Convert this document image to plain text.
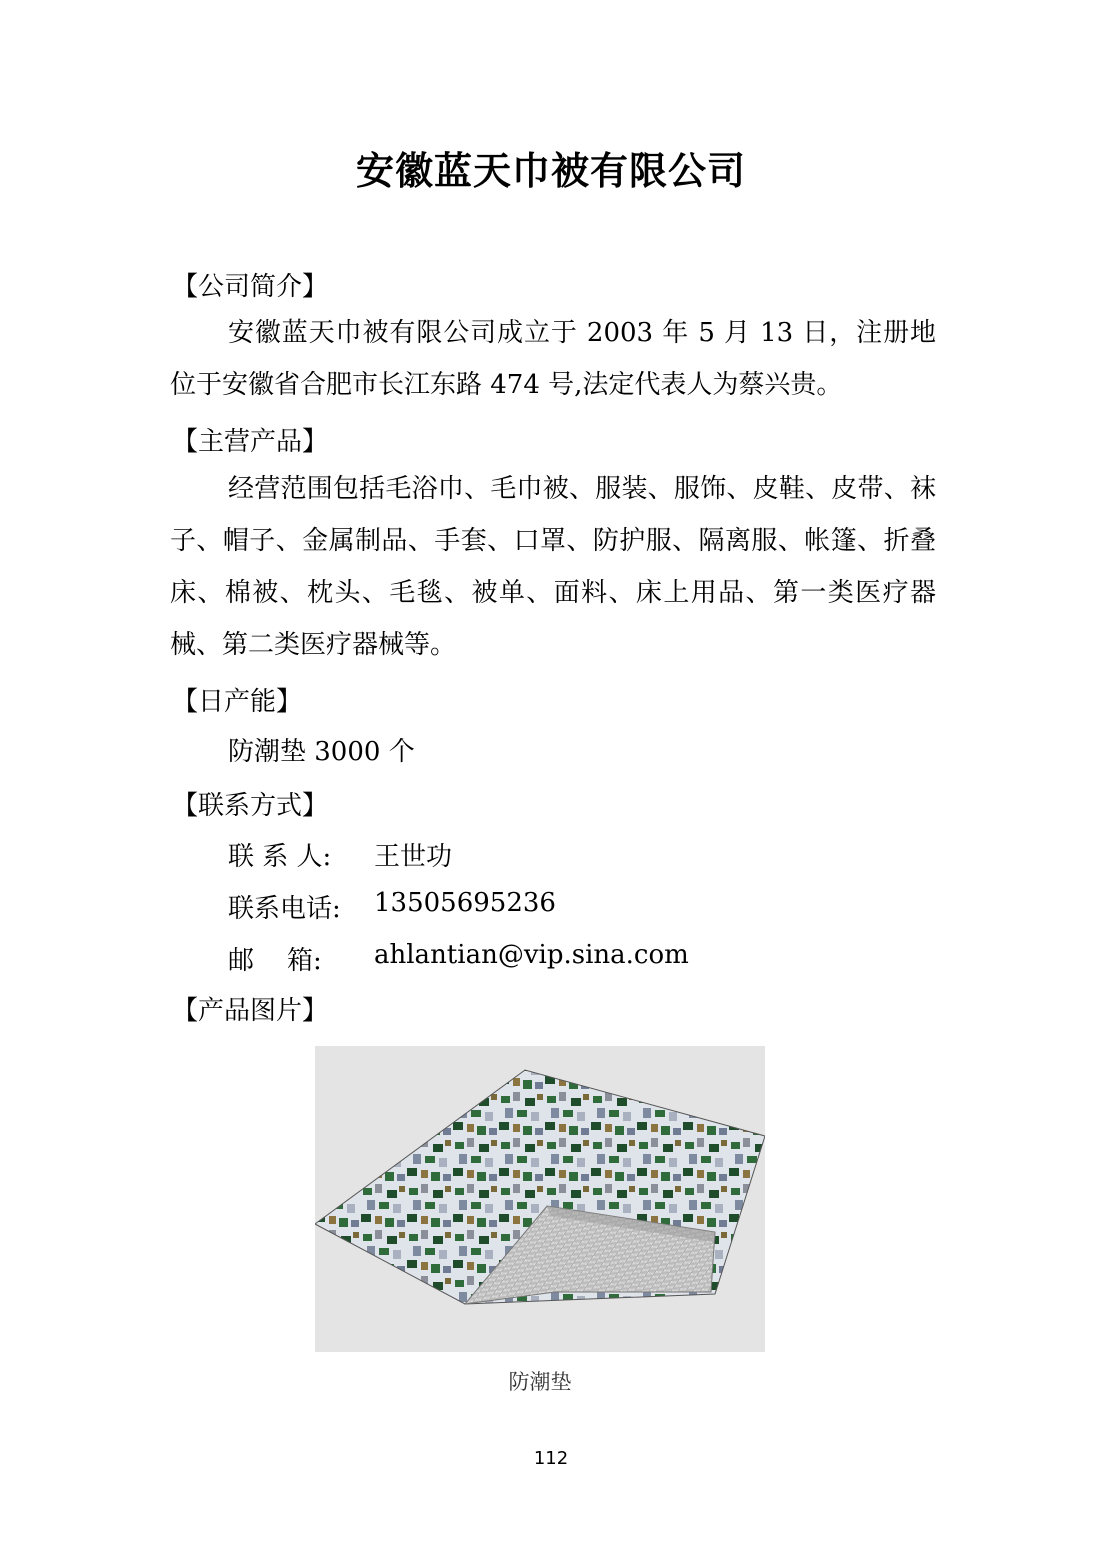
安徽蓝天巾被有限公司
【公司简介】
安徽蓝天巾被有限公司成立于 2003 年 5 月 13 日，注册地位于安徽省合肥市长江东路 474 号,法定代表人为蔡兴贵。
【主营产品】
经营范围包括毛浴巾、毛巾被、服装、服饰、皮鞋、皮带、袜子、帽子、金属制品、手套、口罩、防护服、隔离服、帐篷、折叠床、棉被、枕头、毛毯、被单、面料、床上用品、第一类医疗器械、第二类医疗器械等。
【日产能】
防潮垫 3000 个
【联系方式】
联 系 人:	王世功
联系电话:	13505695236
邮    箱:	ahlantian@vip.sina.com
【产品图片】
防潮垫
112
